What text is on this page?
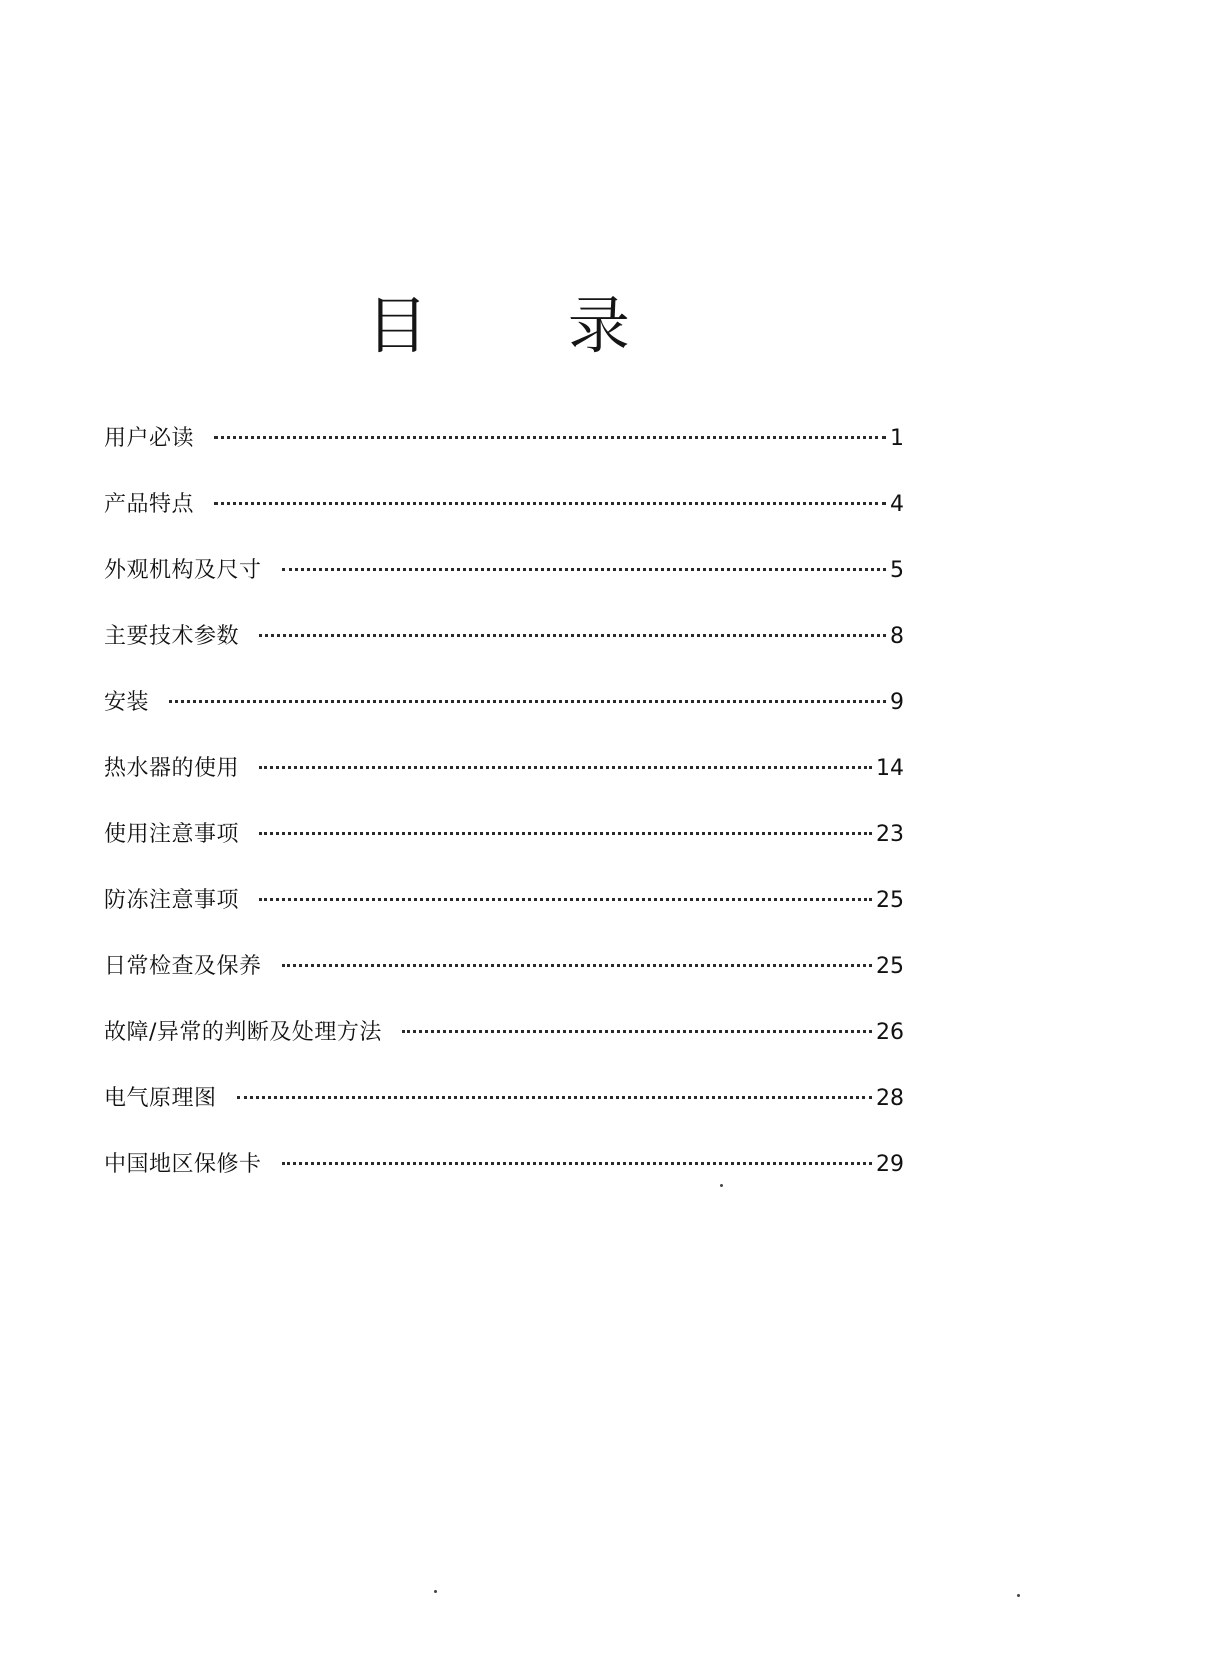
目 录
用户必读	1
产品特点	4
外观机构及尺寸	5
主要技术参数	8
安装	9
热水器的使用	14
使用注意事项	23
防冻注意事项	25
日常检查及保养	25
故障/异常的判断及处理方法	26
电气原理图	28
中国地区保修卡	29
